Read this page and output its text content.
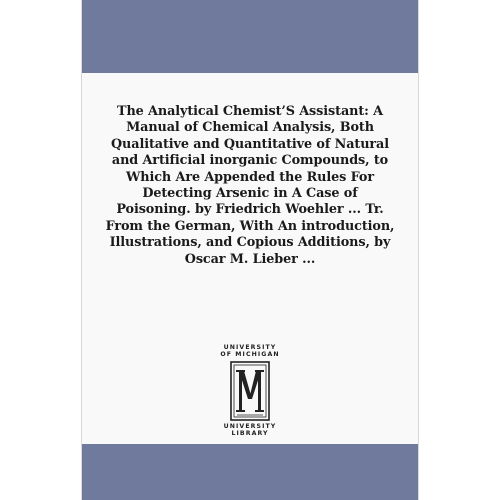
The Analytical Chemist’S Assistant: A Manual of Chemical Analysis, Both Qualitative and Quantitative of Natural and Artificial inorganic Compounds, to Which Are Appended the Rules For Detecting Arsenic in A Case of Poisoning. by Friedrich Woehler ... Tr. From the German, With An introduction, Illustrations, and Copious Additions, by Oscar M. Lieber ...

UNIVERSITY
OF MICHIGAN
UNIVERSITY
LIBRARY
